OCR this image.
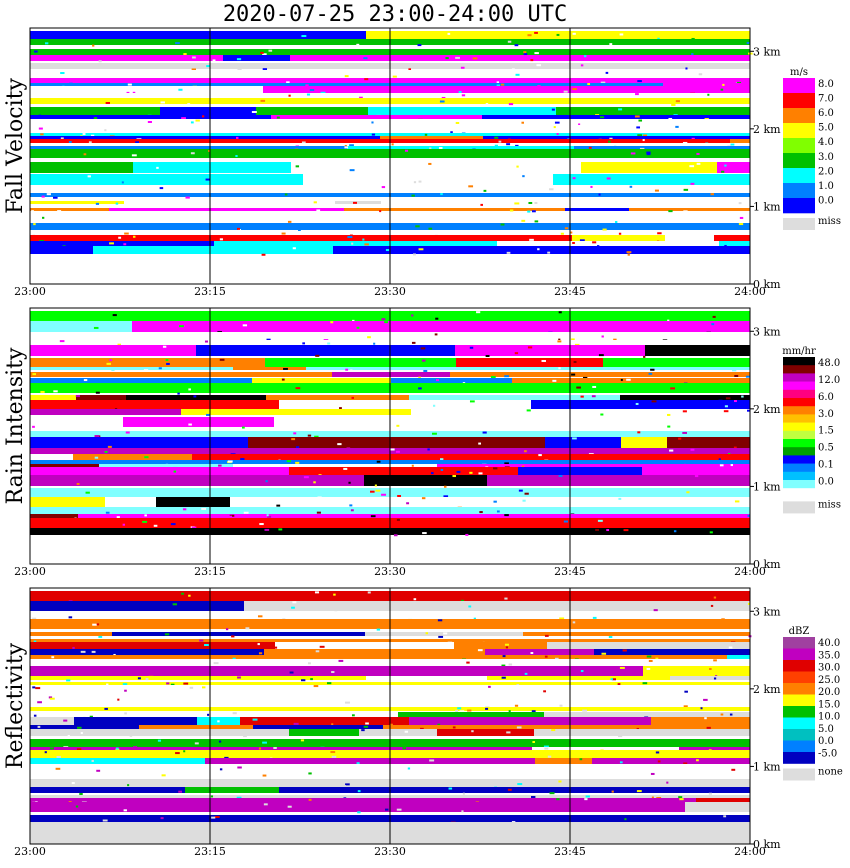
2020-07-25 23:00-24:00 UTC
Fall Velocity
23:00	23:15	23:30	23:45	24:00
0 km
1 km
2 km
3 km
m/s
8.0
7.0
6.0
5.0
4.0
3.0
2.0
1.0
0.0
miss
Rain Intensity
23:00	23:15	23:30	23:45	24:00
0 km
1 km
2 km
3 km
mm/hr
48.0
12.0
6.0
3.0
1.5
0.5
0.1
0.0
miss
Reflectivity
23:00	23:15	23:30	23:45	24:00
0 km
1 km
2 km
3 km
dBZ
40.0
35.0
30.0
25.0
20.0
15.0
10.0
5.0
0.0
-5.0
none
